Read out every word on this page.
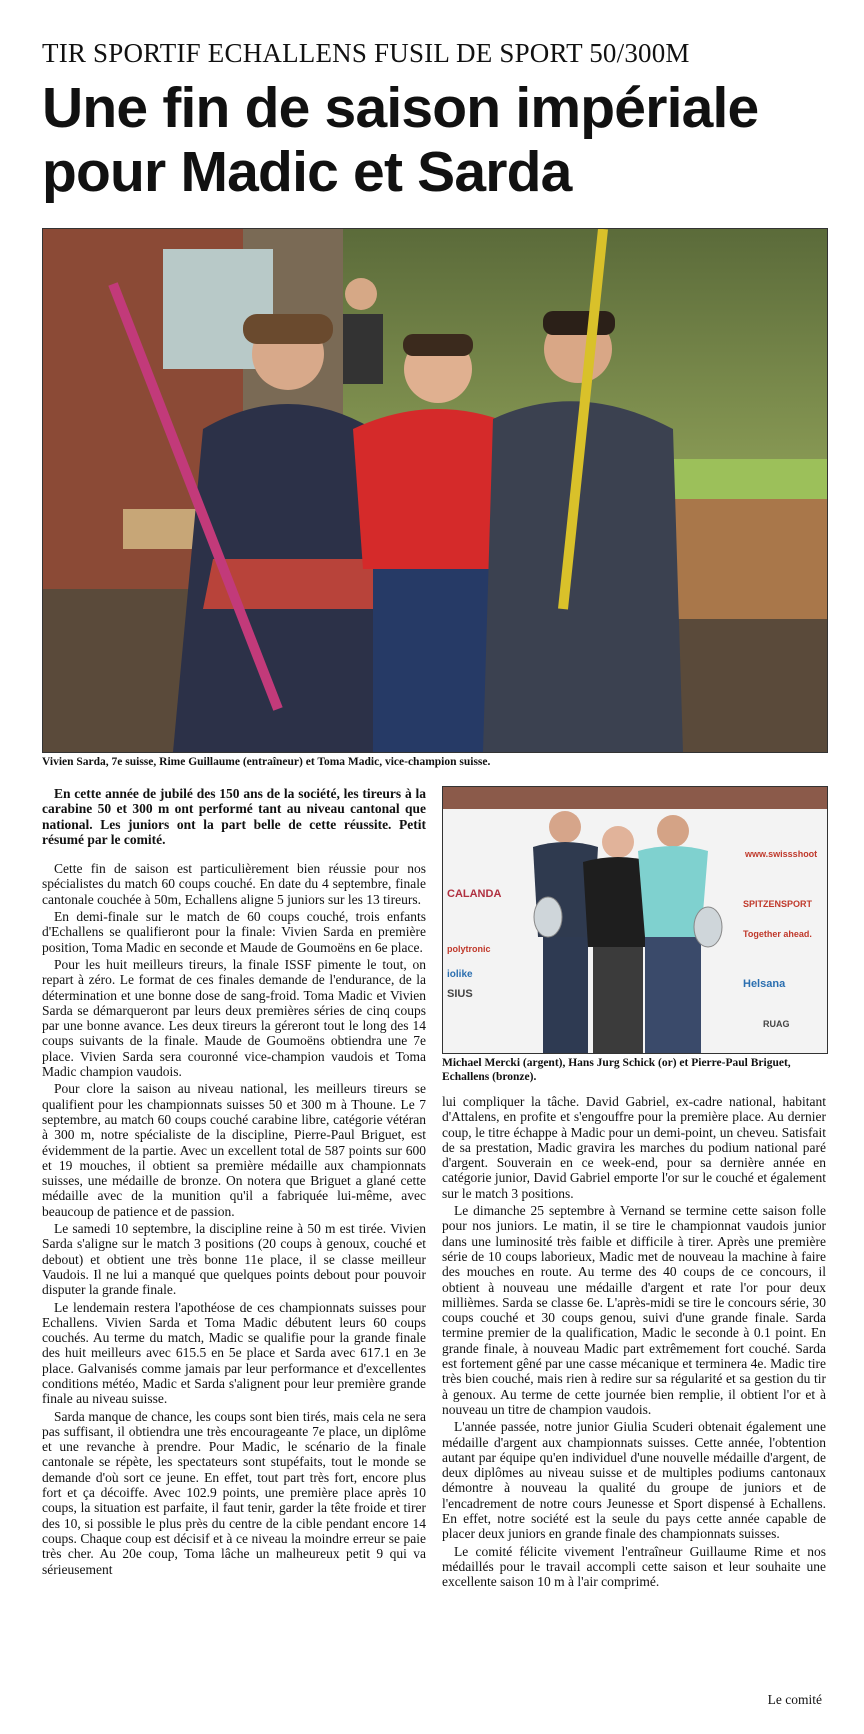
TIR SPORTIF ECHALLENS FUSIL DE SPORT 50/300M
Une fin de saison impériale pour Madic et Sarda
Vivien Sarda, 7e suisse, Rime Guillaume (entraîneur) et Toma Madic, vice-champion suisse.

En cette année de jubilé des 150 ans de la société, les tireurs à la carabine 50 et 300 m ont performé tant au niveau cantonal que national. Les juniors ont la part belle de cette réussite. Petit résumé par le comité.

Cette fin de saison est particulièrement bien réussie pour nos spécialistes du match 60 coups couché. En date du 4 septembre, finale cantonale couchée à 50m, Echallens aligne 5 juniors sur les 13 tireurs.

En demi-finale sur le match de 60 coups couché, trois enfants d'Echallens se qualifieront pour la finale: Vivien Sarda en première position, Toma Madic en seconde et Maude de Goumoëns en 6e place.

Pour les huit meilleurs tireurs, la finale ISSF pimente le tout, on repart à zéro. Le format de ces finales demande de l'endurance, de la détermination et une bonne dose de sang-froid. Toma Madic et Vivien Sarda se démarqueront par leurs deux premières séries de cinq coups par une bonne avance. Les deux tireurs la géreront tout le long des 14 coups suivants de la finale. Maude de Goumoëns obtiendra une 7e place. Vivien Sarda sera couronné vice-champion vaudois et Toma Madic champion vaudois.

Pour clore la saison au niveau national, les meilleurs tireurs se qualifient pour les championnats suisses 50 et 300 m à Thoune. Le 7 septembre, au match 60 coups couché carabine libre, catégorie vétéran à 300 m, notre spécialiste de la discipline, Pierre-Paul Briguet, est évidemment de la partie. Avec un excellent total de 587 points sur 600 et 19 mouches, il obtient sa première médaille aux championnats suisses, une médaille de bronze. On notera que Briguet a glané cette médaille avec de la munition qu'il a fabriquée lui-même, avec beaucoup de patience et de passion.

Le samedi 10 septembre, la discipline reine à 50 m est tirée. Vivien Sarda s'aligne sur le match 3 positions (20 coups à genoux, couché et debout) et obtient une très bonne 11e place, il se classe meilleur Vaudois. Il ne lui a manqué que quelques points debout pour pouvoir disputer la grande finale.

Le lendemain restera l'apothéose de ces championnats suisses pour Echallens. Vivien Sarda et Toma Madic débutent leurs 60 coups couchés. Au terme du match, Madic se qualifie pour la grande finale des huit meilleurs avec 615.5 en 5e place et Sarda avec 617.1 en 3e place. Galvanisés comme jamais par leur performance et d'excellentes conditions météo, Madic et Sarda s'alignent pour leur première grande finale au niveau suisse.

Sarda manque de chance, les coups sont bien tirés, mais cela ne sera pas suffisant, il obtiendra une très encourageante 7e place, un diplôme et une revanche à prendre. Pour Madic, le scénario de la finale cantonale se répète, les spectateurs sont stupéfaits, tout le monde se demande d'où sort ce jeune. En effet, tout part très fort, encore plus fort et ça décoiffe. Avec 102.9 points, une première place après 10 coups, la situation est parfaite, il faut tenir, garder la tête froide et tirer des 10, si possible le plus près du centre de la cible pendant encore 14 coups. Chaque coup est décisif et à ce niveau la moindre erreur se paie très cher. Au 20e coup, Toma lâche un malheureux petit 9 qui va sérieusement

CALANDA
SIUS
polytronic
iolike
Helsana
SPITZENSPORT
RUAG
Together ahead.
www.swissshoot
Michael Mercki (argent), Hans Jurg Schick (or) et Pierre-Paul Briguet, Echallens (bronze).

lui compliquer la tâche. David Gabriel, ex-cadre national, habitant d'Attalens, en profite et s'engouffre pour la première place. Au dernier coup, le titre échappe à Madic pour un demi-point, un cheveu. Satisfait de sa prestation, Madic gravira les marches du podium national paré d'argent. Souverain en ce week-end, pour sa dernière année en catégorie junior, David Gabriel emporte l'or sur le couché et également sur le match 3 positions.

Le dimanche 25 septembre à Vernand se termine cette saison folle pour nos juniors. Le matin, il se tire le championnat vaudois junior dans une luminosité très faible et difficile à tirer. Après une première série de 10 coups laborieux, Madic met de nouveau la machine à faire des mouches en route. Au terme des 40 coups de ce concours, il obtient à nouveau une médaille d'argent et rate l'or pour deux millièmes. Sarda se classe 6e. L'après-midi se tire le concours série, 30 coups couché et 30 coups genou, suivi d'une grande finale. Sarda termine premier de la qualification, Madic le seconde à 0.1 point. En grande finale, à nouveau Madic part extrêmement fort couché. Sarda est fortement gêné par une casse mécanique et terminera 4e. Madic tire très bien couché, mais rien à redire sur sa régularité et sa gestion du tir à genoux. Au terme de cette journée bien remplie, il obtient l'or et à nouveau un titre de champion vaudois.

L'année passée, notre junior Giulia Scuderi obtenait également une médaille d'argent aux championnats suisses. Cette année, l'obtention autant par équipe qu'en individuel d'une nouvelle médaille d'argent, de deux diplômes au niveau suisse et de multiples podiums cantonaux démontre à nouveau la qualité du groupe de juniors et de l'encadrement de notre cours Jeunesse et Sport dispensé à Echallens. En effet, notre société est la seule du pays cette année capable de placer deux juniors en grande finale des championnats suisses.

Le comité félicite vivement l'entraîneur Guillaume Rime et nos médaillés pour le travail accompli cette saison et leur souhaite une excellente saison 10 m à l'air comprimé.

Le comité
